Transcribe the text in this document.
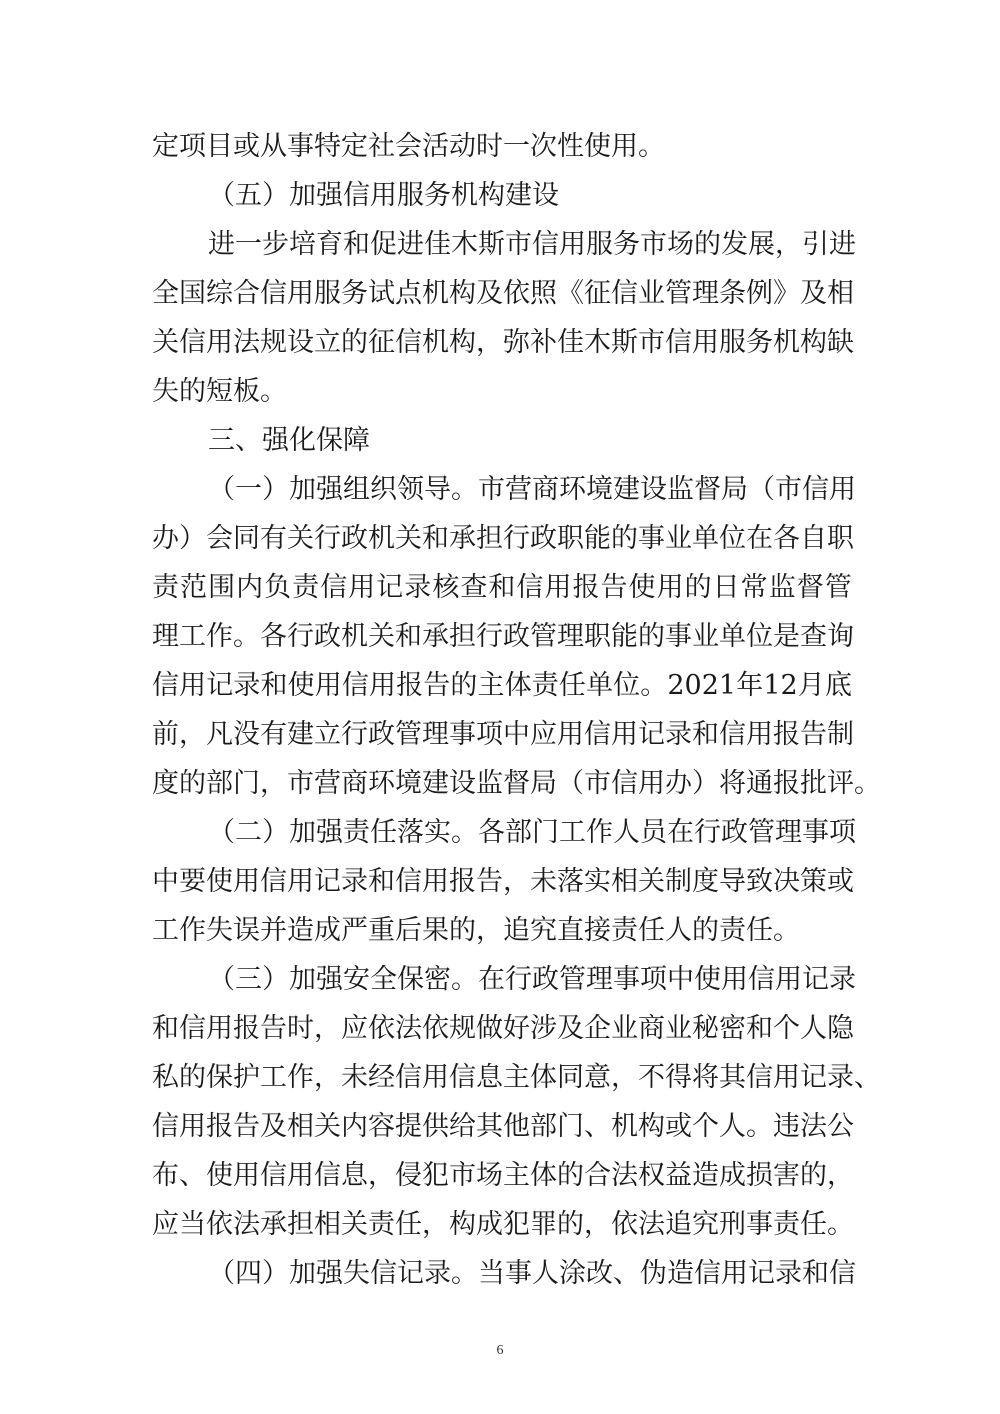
定项目或从事特定社会活动时一次性使用。
（五）加强信用服务机构建设
进 一 步 培 育 和 促 进 佳 木 斯 市 信 用 服 务 市 场 的 发 展 ， 引 进
全 国 综 合 信 用 服 务 试 点 机 构 及 依 照 《 征 信 业 管 理 条 例 》 及 相
关 信 用 法 规 设 立 的 征 信 机 构 ， 弥 补 佳 木 斯 市 信 用 服 务 机 构 缺
失的短板。
三、强化保障
（ 一 ） 加 强 组 织 领 导 。 市 营 商 环 境 建 设 监 督 局 （ 市 信 用
办 ） 会 同 有 关 行 政 机 关 和 承 担 行 政 职 能 的 事 业 单 位 在 各 自 职
责 范 围 内 负 责 信 用 记 录 核 查 和 信 用 报 告 使 用 的 日 常 监 督 管
理 工 作 。 各 行 政 机 关 和 承 担 行 政 管 理 职 能 的 事 业 单 位 是 查 询
信 用 记 录 和 使 用 信 用 报 告 的 主 体 责 任 单 位 。 2021 年 12 月 底
前 ， 凡 没 有 建 立 行 政 管 理 事 项 中 应 用 信 用 记 录 和 信 用 报 告 制
度 的 部 门 ， 市 营 商 环 境 建 设 监 督 局 （ 市 信 用 办 ） 将 通 报 批 评 。
（ 二 ） 加 强 责 任 落 实 。 各 部 门 工 作 人 员 在 行 政 管 理 事 项
中 要 使 用 信 用 记 录 和 信 用 报 告 ， 未 落 实 相 关 制 度 导 致 决 策 或
工作失误并造成严重后果的，追究直接责任人的责任。
（ 三 ） 加 强 安 全 保 密 。 在 行 政 管 理 事 项 中 使 用 信 用 记 录
和 信 用 报 告 时 ， 应 依 法 依 规 做 好 涉 及 企 业 商 业 秘 密 和 个 人 隐
私 的 保 护 工 作 ， 未 经 信 用 信 息 主 体 同 意 ， 不 得 将 其 信 用 记 录 、
信 用 报 告 及 相 关 内 容 提 供 给 其 他 部 门 、 机 构 或 个 人 。 违 法 公
布 、 使 用 信 用 信 息 ， 侵 犯 市 场 主 体 的 合 法 权 益 造 成 损 害 的 ，
应 当 依 法 承 担 相 关 责 任 ， 构 成 犯 罪 的 ， 依 法 追 究 刑 事 责 任 。
（ 四 ） 加 强 失 信 记 录 。 当 事 人 涂 改 、 伪 造 信 用 记 录 和 信
6
